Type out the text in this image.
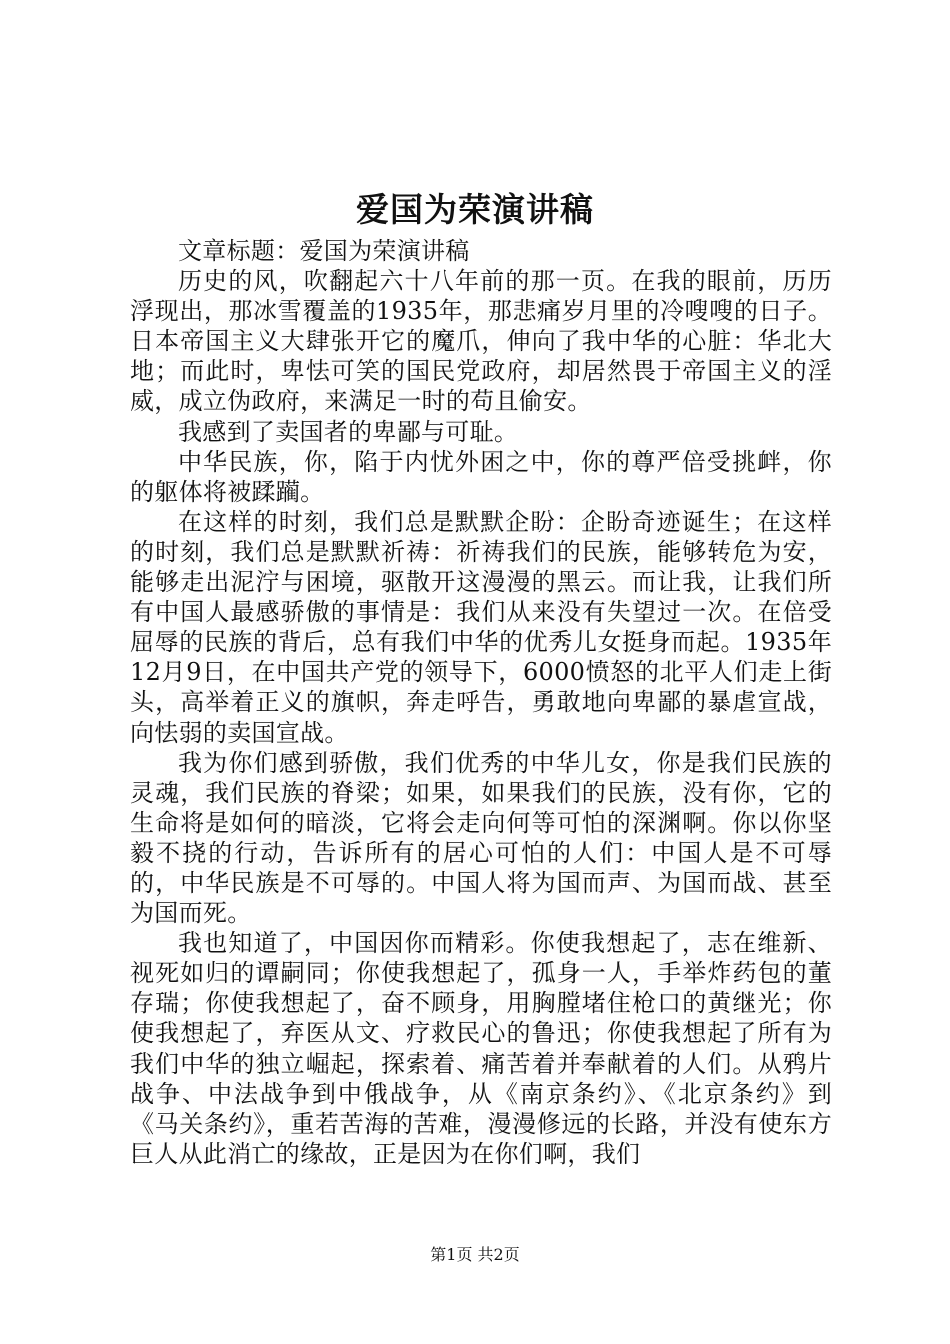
爱国为荣演讲稿

文章标题：爱国为荣演讲稿

历史的风，吹翻起六十八年前的那一页。在我的眼前，历历浮现出，那冰雪覆盖的1935年，那悲痛岁月里的冷嗖嗖的日子。日本帝国主义大肆张开它的魔爪，伸向了我中华的心脏：华北大地；而此时，卑怯可笑的国民党政府，却居然畏于帝国主义的淫威，成立伪政府，来满足一时的苟且偷安。

我感到了卖国者的卑鄙与可耻。

中华民族，你，陷于内忧外困之中，你的尊严倍受挑衅，你的躯体将被蹂躏。

在这样的时刻，我们总是默默企盼：企盼奇迹诞生；在这样的时刻，我们总是默默祈祷：祈祷我们的民族，能够转危为安，能够走出泥泞与困境，驱散开这漫漫的黑云。而让我，让我们所有中国人最感骄傲的事情是：我们从来没有失望过一次。在倍受屈辱的民族的背后，总有我们中华的优秀儿女挺身而起。1935年12月9日，在中国共产党的领导下，6000愤怒的北平人们走上街头，高举着正义的旗帜，奔走呼告，勇敢地向卑鄙的暴虐宣战，向怯弱的卖国宣战。

我为你们感到骄傲，我们优秀的中华儿女，你是我们民族的灵魂，我们民族的脊梁；如果，如果我们的民族，没有你，它的生命将是如何的暗淡，它将会走向何等可怕的深渊啊。你以你坚毅不挠的行动，告诉所有的居心可怕的人们：中国人是不可辱的，中华民族是不可辱的。中国人将为国而声、为国而战、甚至为国而死。

我也知道了，中国因你而精彩。你使我想起了，志在维新、视死如归的谭嗣同；你使我想起了，孤身一人，手举炸药包的董存瑞；你使我想起了，奋不顾身，用胸膛堵住枪口的黄继光；你使我想起了，弃医从文、疗救民心的鲁迅；你使我想起了所有为我们中华的独立崛起，探索着、痛苦着并奉献着的人们。从鸦片战争、中法战争到中俄战争，从《南京条约》、《北京条约》到《马关条约》，重若苦海的苦难，漫漫修远的长路，并没有使东方巨人从此消亡的缘故，正是因为在你们啊，我们

第1页 共2页
